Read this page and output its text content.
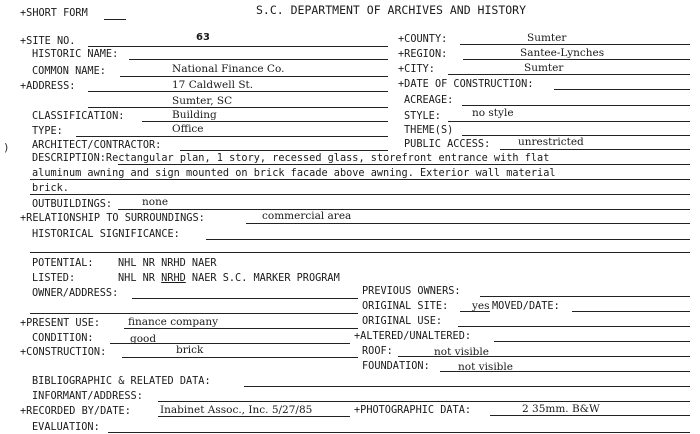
+SHORT FORM	S.C. DEPARTMENT OF ARCHIVES AND HISTORY
+SITE NO.	63	+COUNTY:	Sumter
HISTORIC NAME:	+REGION:	Santee-Lynches
COMMON NAME:	National Finance Co.	+CITY:	Sumter
+ADDRESS:	17 Caldwell St.
Sumter, SC
+DATE OF CONSTRUCTION:
ACREAGE:
CLASSIFICATION:	Building	STYLE:	no style
TYPE:	Office	THEME(S)
ARCHITECT/CONTRACTOR:	PUBLIC ACCESS:	unrestricted
DESCRIPTION:Rectangular plan, 1 story, recessed glass, storefront entrance with flat
aluminum awning and sign mounted on brick facade above awning. Exterior wall material
brick.
OUTBUILDINGS:	none
+RELATIONSHIP TO SURROUNDINGS:	commercial area
HISTORICAL SIGNIFICANCE:
POTENTIAL: NHL NR NRHD NAER
LISTED:	NHL NR NRHD NAER S.C. MARKER PROGRAM
OWNER/ADDRESS:	PREVIOUS OWNERS:
ORIGINAL SITE: yes MOVED/DATE:
+PRESENT USE:	finance company	ORIGINAL USE:
CONDITION:	good	+ALTERED/UNALTERED:
+CONSTRUCTION:	brick	ROOF:	not visible
FOUNDATION:	not visible
BIBLIOGRAPHIC & RELATED DATA:
INFORMANT/ADDRESS:
+RECORDED BY/DATE:	Inabinet Assoc., Inc. 5/27/85	+PHOTOGRAPHIC DATA:	2 35mm. B&W
EVALUATION:
)
